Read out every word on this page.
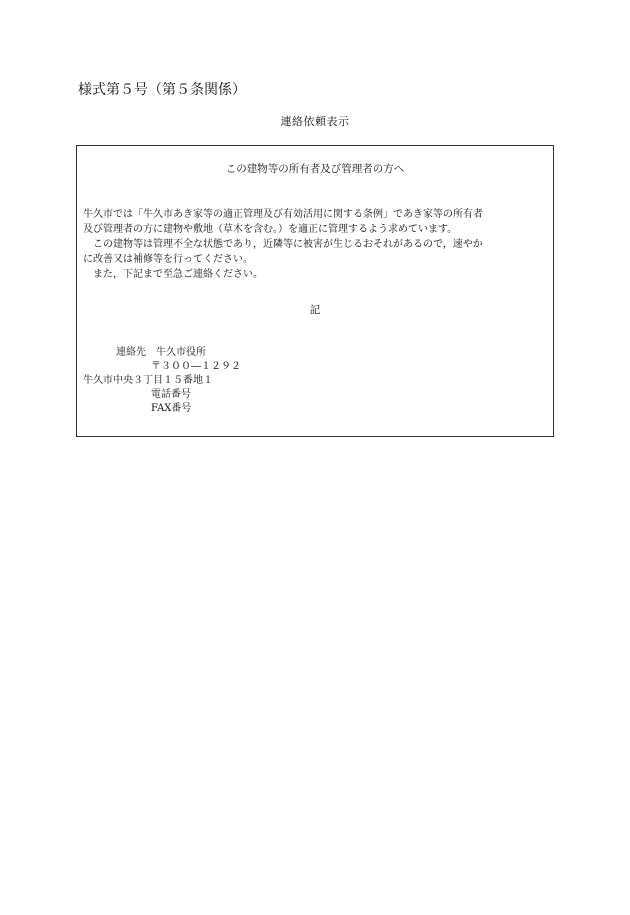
様式第５号（第５条関係）
連絡依頼表示
この建物等の所有者及び管理者の方へ

牛久市では「牛久市あき家等の適正管理及び有効活用に関する条例」であき家等の所有者

及び管理者の方に建物や敷地（草木を含む。）を適正に管理するよう求めています。

この建物等は管理不全な状態であり，近隣等に被害が生じるおそれがあるので，速やか

に改善又は補修等を行ってください。

また，下記まで至急ご連絡ください。

記
連絡先 牛久市役所
〒３００―１２９２
牛久市中央３丁目１５番地１
電話番号
FAX番号
